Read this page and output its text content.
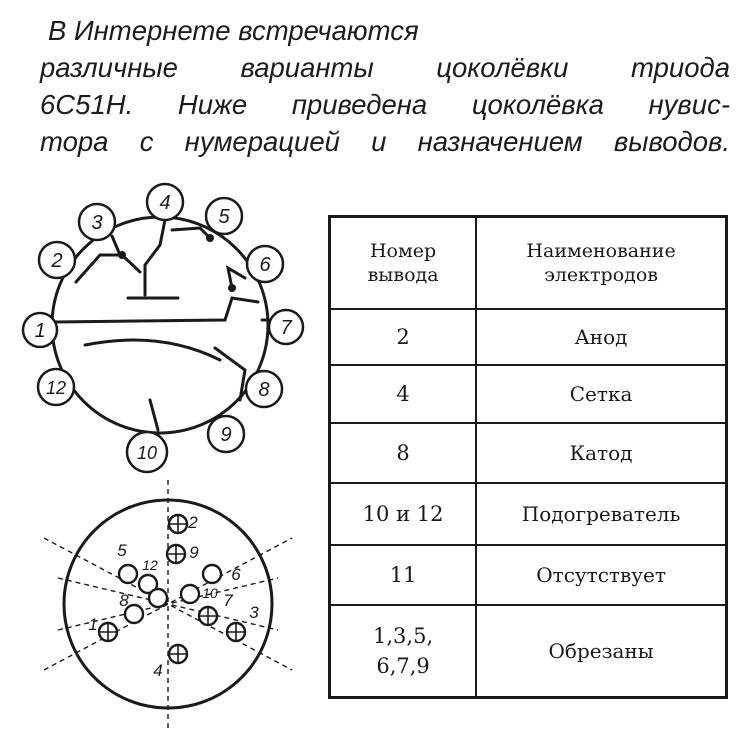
В Интернете встречаются
различные варианты цоколёвки триода
6С51Н. Ниже приведена цоколёвка нувис-
тора с нумерацией и назначением выводов.
1
2
3
4
5
6
7
8
9
10
12
2
9
5
12	6
8	10 7
1
3
4
Номер
вывода	Наименование
электродов
2	Анод
4	Сетка
8	Катод
10 и 12	Подогреватель
11	Отсутствует
1,3,5,
6,7,9	Обрезаны
